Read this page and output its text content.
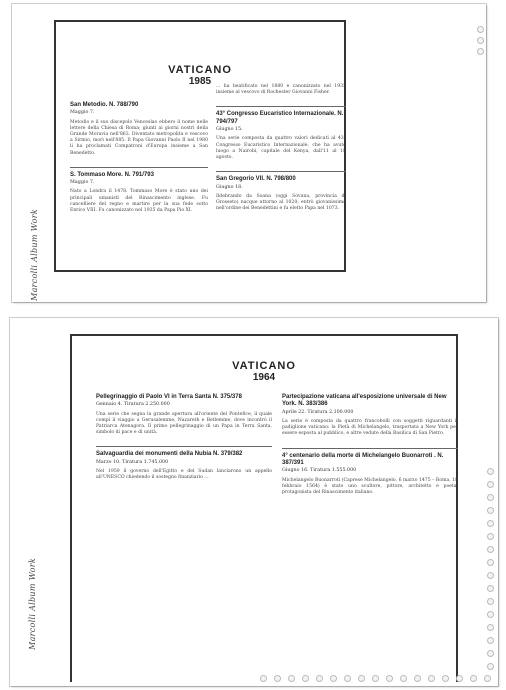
Marcolli Album Work
VATICANO
1985
San Metodio. N. 788/790
Maggio 7.
Metodio e il suo discepolo Venceslao ebbero il nome nelle lettere della Chiesa di Roma; giunti ai giorni nostri della Grande Moravia nell'863. Diventato metropolita e vescovo a Sirmio, morì nell'885. Il Papa Giovanni Paolo II nel 1980 li ha proclamati Compatroni d'Europa insieme a San Benedetto.
S. Tommaso More. N. 791/793
Maggio 7.
Nato a Londra il 1478. Tommaso More è stato uno dei principali umanisti del Rinascimento inglese. Fu cancelliere del regno e martire per la sua fede sotto Enrico VIII. Fu canonizzato nel 1935 da Papa Pio XI.
... ha beatificato nel 1880 e canonizzato nel 1935 insieme al vescovo di Rochester Giovanni Fisher.
43° Congresso Eucaristico Internazionale. N. 794/797
Giugno 15.
Una serie composta da quattro valori dedicati al 43° Congresso Eucaristico Internazionale, che ha avuto luogo a Nairobi, capitale del Kenya, dall'11 al 18 agosto.
San Gregorio VII. N. 798/800
Giugno 18.
Ildebrando da Soana (oggi Sovana, provincia di Grosseto) nacque attorno al 1020; entrò giovanissimo nell'ordine dei Benedettini e fu eletto Papa nel 1073.
Marcolli Album Work
VATICANO
1964
Pellegrinaggio di Paolo VI in Terra Santa N. 375/378
Gennaio 4. Tiratura 2.250.000
Una serie che segna la grande apertura all'oriente del Pontefice, il quale compì il viaggio a Gerusalemme, Nazareth e Betlemme, dove incontrò il Patriarca Atenagora. Il primo pellegrinaggio di un Papa in Terra Santa, simbolo di pace e di unità.
Salvaguardia dei monumenti della Nubia N. 379/382
Marzo 10. Tiratura 1.745.000
Nel 1959 il governo dell'Egitto e del Sudan lanciarono un appello all'UNESCO chiedendo il sostegno finanziario ...
Partecipazione vaticana all'esposizione universale di New York. N. 383/386
Aprile 22. Tiratura 2.100.000
La serie è composta da quattro francobolli con soggetti riguardanti il padiglione vaticano: la Pietà di Michelangelo, trasportata a New York per essere esposta al pubblico, e altre vedute della Basilica di San Pietro.
4° centenario della morte di Michelangelo Buonarroti . N. 387/391
Giugno 16. Tiratura 1.555.000
Michelangelo Buonarroti (Caprese Michelangelo, 6 marzo 1475 – Roma, 18 febbraio 1564) è stato uno scultore, pittore, architetto e poeta, protagonista del Rinascimento italiano.
